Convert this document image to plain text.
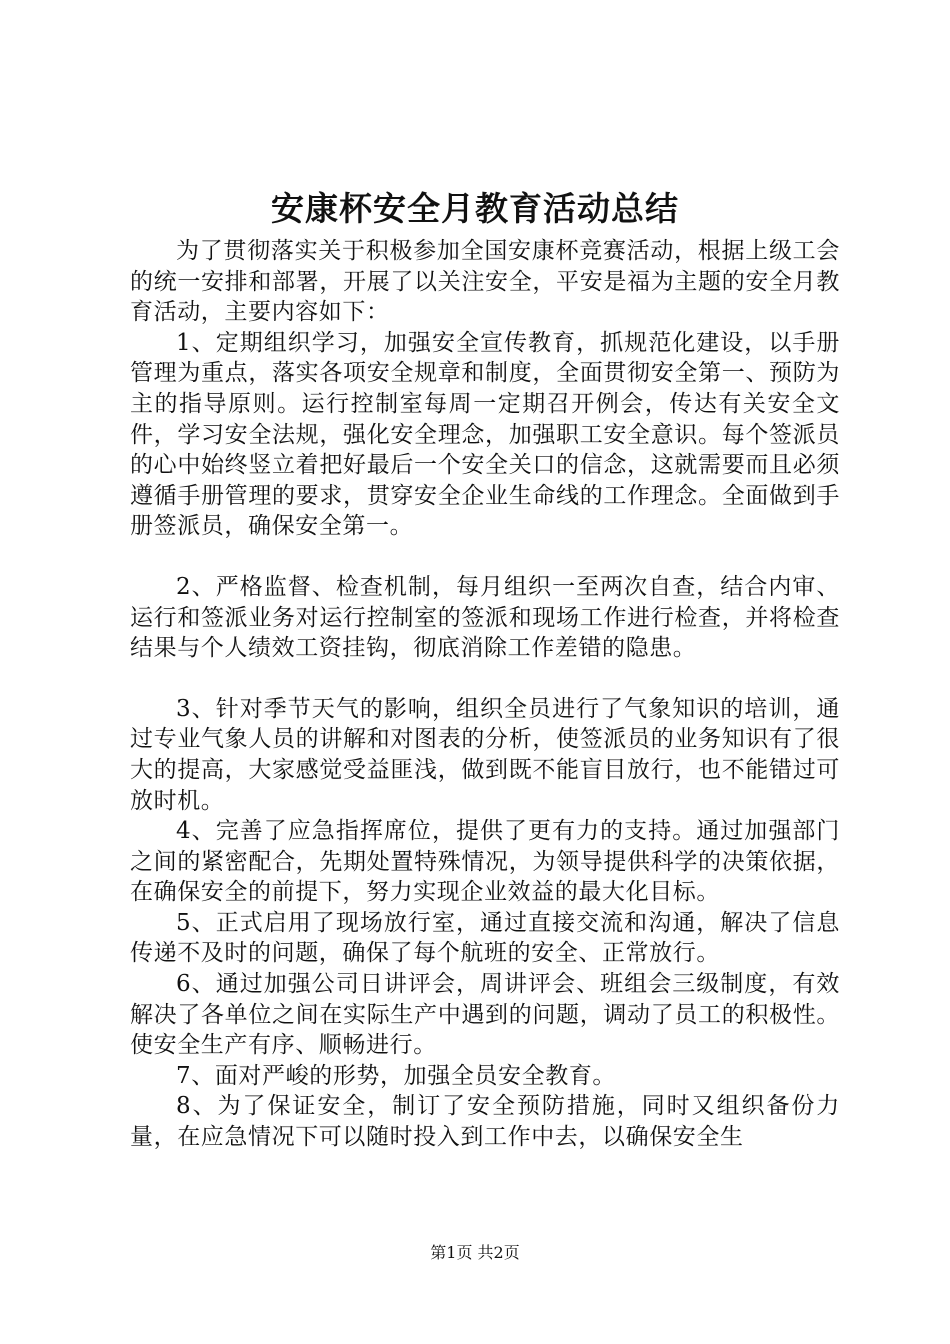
安康杯安全月教育活动总结

为了贯彻落实关于积极参加全国安康杯竞赛活动，根据上级工会的统一安排和部署，开展了以关注安全，平安是福为主题的安全月教育活动，主要内容如下：

1、定期组织学习，加强安全宣传教育，抓规范化建设，以手册管理为重点，落实各项安全规章和制度，全面贯彻安全第一、预防为主的指导原则。运行控制室每周一定期召开例会，传达有关安全文件，学习安全法规，强化安全理念，加强职工安全意识。每个签派员的心中始终竖立着把好最后一个安全关口的信念，这就需要而且必须遵循手册管理的要求，贯穿安全企业生命线的工作理念。全面做到手册签派员，确保安全第一。

2、严格监督、检查机制，每月组织一至两次自查，结合内审、运行和签派业务对运行控制室的签派和现场工作进行检查，并将检查结果与个人绩效工资挂钩，彻底消除工作差错的隐患。

3、针对季节天气的影响，组织全员进行了气象知识的培训，通过专业气象人员的讲解和对图表的分析，使签派员的业务知识有了很大的提高，大家感觉受益匪浅，做到既不能盲目放行，也不能错过可放时机。

4、完善了应急指挥席位，提供了更有力的支持。通过加强部门之间的紧密配合，先期处置特殊情况，为领导提供科学的决策依据，在确保安全的前提下，努力实现企业效益的最大化目标。

5、正式启用了现场放行室，通过直接交流和沟通，解决了信息传递不及时的问题，确保了每个航班的安全、正常放行。

6、通过加强公司日讲评会，周讲评会、班组会三级制度，有效解决了各单位之间在实际生产中遇到的问题，调动了员工的积极性。使安全生产有序、顺畅进行。

7、面对严峻的形势，加强全员安全教育。

8、为了保证安全，制订了安全预防措施，同时又组织备份力量，在应急情况下可以随时投入到工作中去，以确保安全生

第1页 共2页
